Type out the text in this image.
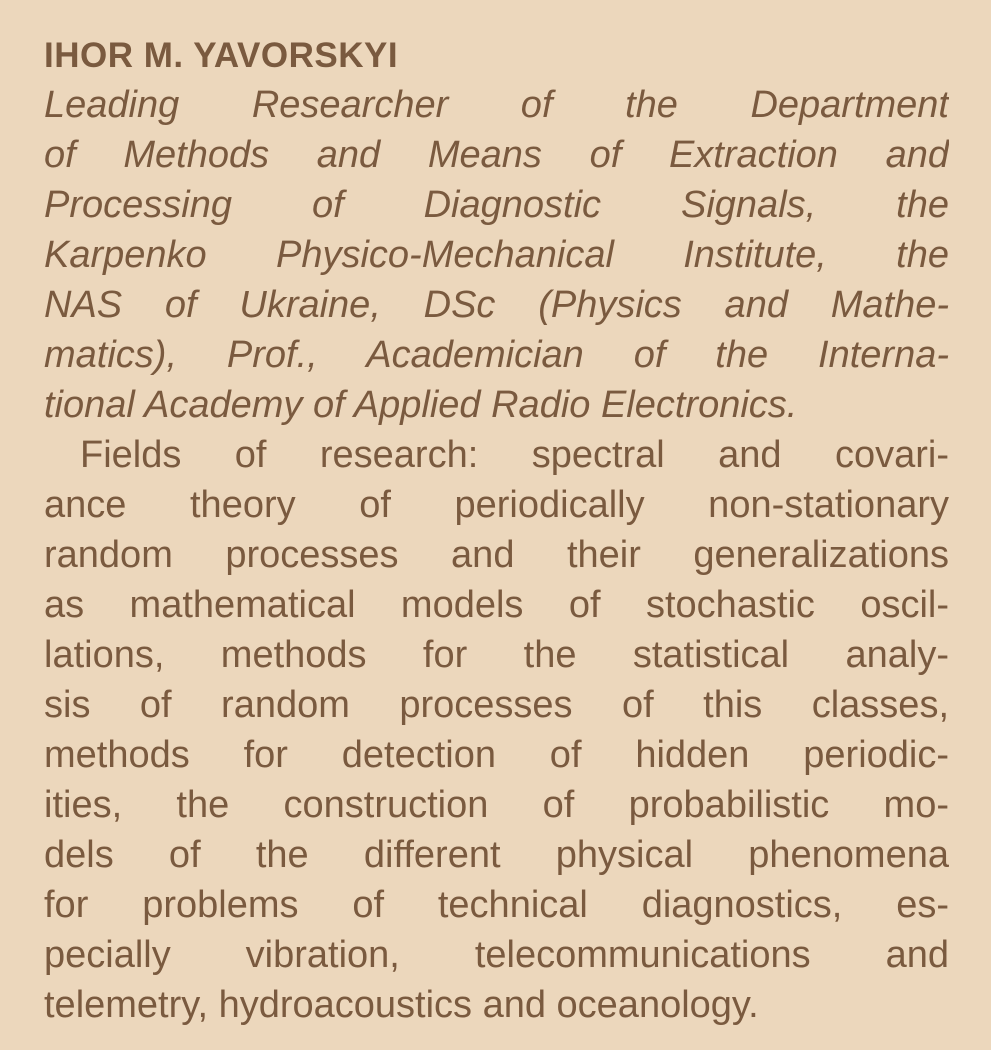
IHOR M. YAVORSKYI
Leading Researcher of the Department
of Methods and Means of Extraction and
Processing of Diagnostic Signals, the
Karpenko Physico-Mechanical Institute, the
NAS of Ukraine, DSc (Physics and Mathe-
matics), Prof., Academician of the Interna-
tional Academy of Applied Radio Electronics.
Fields of research: spectral and covari-
ance theory of periodically non-stationary
random processes and their generalizations
as mathematical models of stochastic oscil-
lations, methods for the statistical analy-
sis of random processes of this classes,
methods for detection of hidden periodic-
ities, the construction of probabilistic mo-
dels of the different physical phenomena
for problems of technical diagnostics, es-
pecially vibration, telecommunications and
telemetry, hydroacoustics and oceanology.
